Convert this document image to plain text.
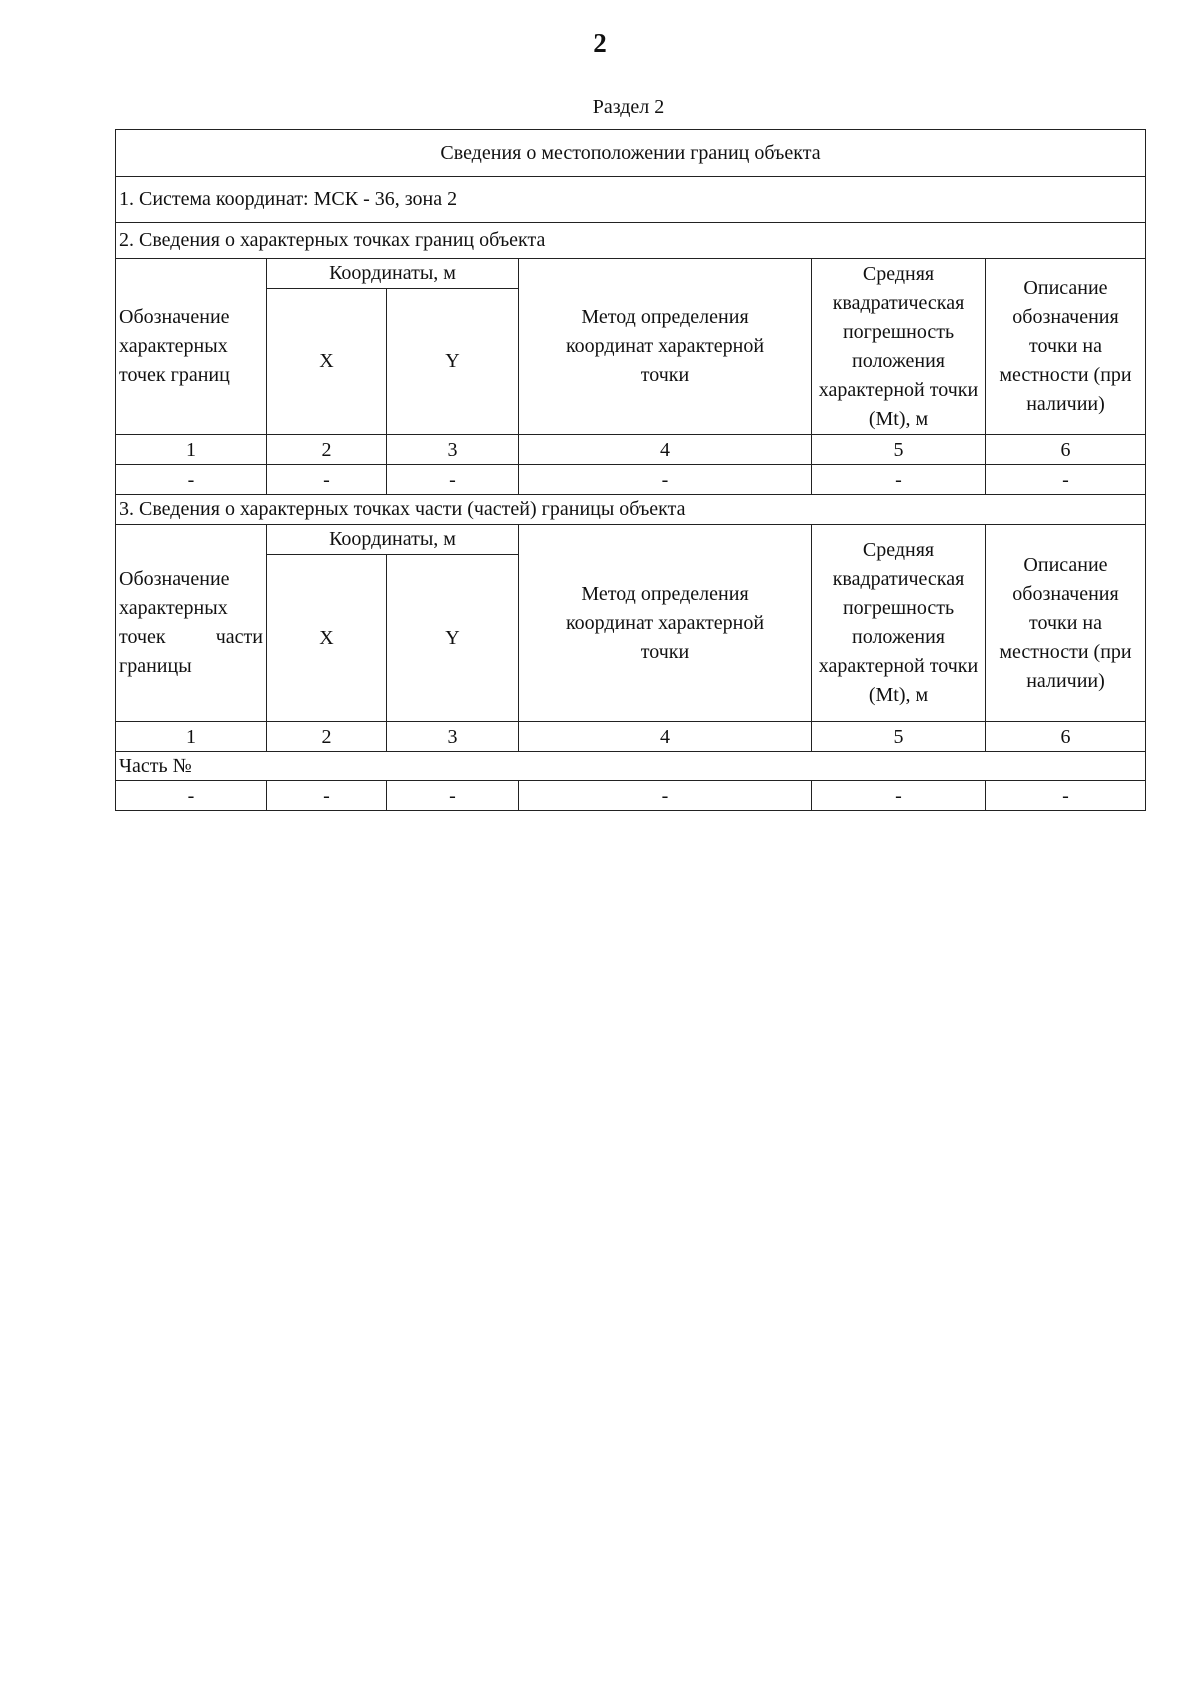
2
Раздел 2
Сведения о местоположении границ объекта					
1. Система координат: МСК - 36, зона 2					
2. Сведения о характерных точках границ объекта					
Обозначение характерных точек границ	Координаты, м		Метод определения координат характерной точки	Средняя квадратическая погрешность положения характерной точки (Mt), м	Описание обозначения точки на местности (при наличии)
	X	Y			
1	2	3	4	5	6
-	-	-	-	-	-
3. Сведения о характерных точках части (частей) границы объекта					
Обозначение характерных точек части границы	Координаты, м		Метод определения координат характерной точки	Средняя квадратическая погрешность положения характерной точки (Mt), м	Описание обозначения точки на местности (при наличии)
	X	Y			
1	2	3	4	5	6
Часть №					
-	-	-	-	-	-
